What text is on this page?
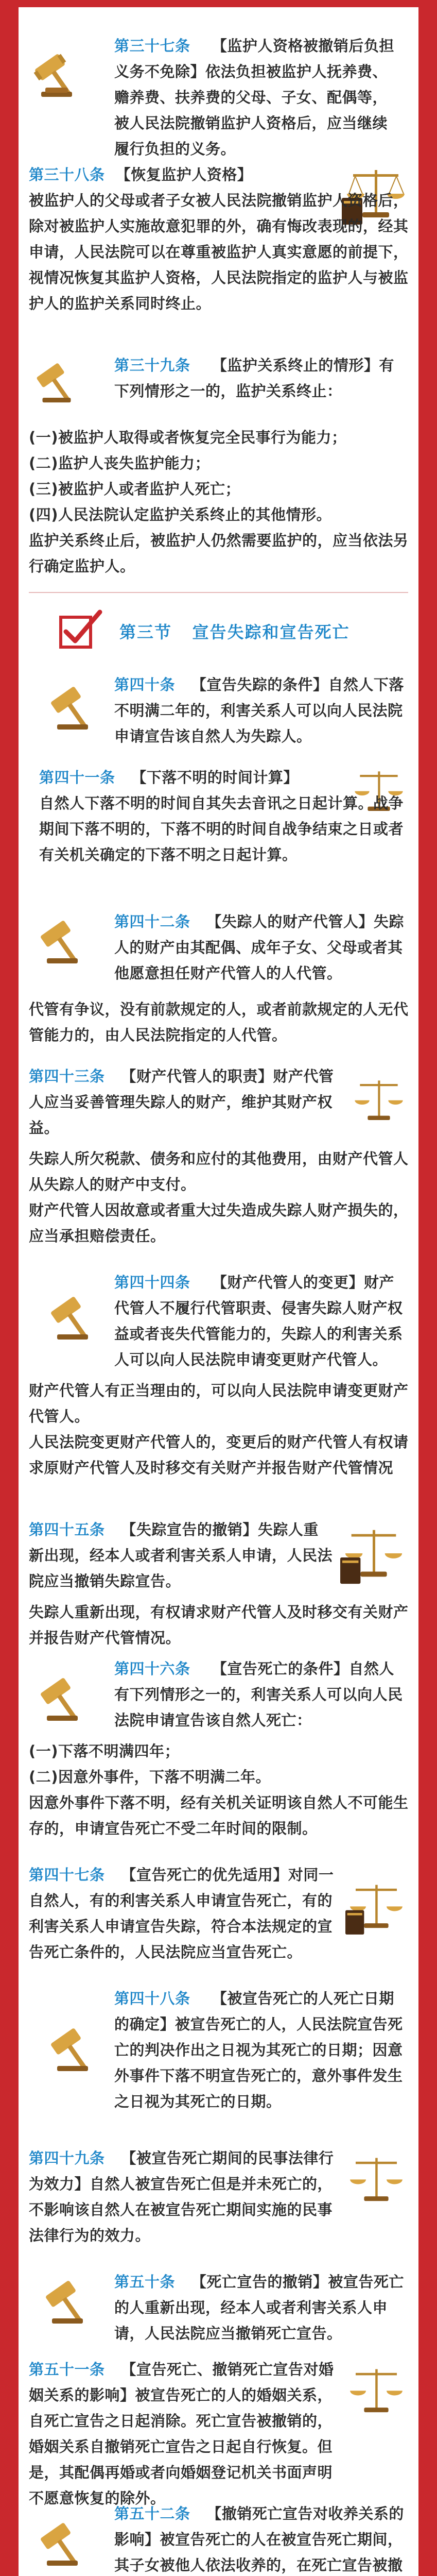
第三十七条 【监护人资格被撤销后负担义务不免除】依法负担被监护人抚养费、赡养费、扶养费的父母、子女、配偶等，被人民法院撤销监护人资格后，应当继续履行负担的义务。

第三十八条 【恢复监护人资格】

被监护人的父母或者子女被人民法院撤销监护人资格后，除对被监护人实施故意犯罪的外，确有悔改表现的，经其申请，人民法院可以在尊重被监护人真实意愿的前提下，视情况恢复其监护人资格，人民法院指定的监护人与被监护人的监护关系同时终止。

第三十九条 【监护关系终止的情形】有下列情形之一的，监护关系终止：

(一)被监护人取得或者恢复完全民事行为能力；

(二)监护人丧失监护能力；

(三)被监护人或者监护人死亡；

(四)人民法院认定监护关系终止的其他情形。

监护关系终止后，被监护人仍然需要监护的，应当依法另行确定监护人。

第三节 宣告失踪和宣告死亡

第四十条 【宣告失踪的条件】自然人下落不明满二年的，利害关系人可以向人民法院申请宣告该自然人为失踪人。

第四十一条 【下落不明的时间计算】

自然人下落不明的时间自其失去音讯之日起计算。战争期间下落不明的，下落不明的时间自战争结束之日或者有关机关确定的下落不明之日起计算。

第四十二条 【失踪人的财产代管人】失踪人的财产由其配偶、成年子女、父母或者其他愿意担任财产代管人的人代管。

代管有争议，没有前款规定的人，或者前款规定的人无代管能力的，由人民法院指定的人代管。

第四十三条 【财产代管人的职责】财产代管人应当妥善管理失踪人的财产，维护其财产权益。

失踪人所欠税款、债务和应付的其他费用，由财产代管人从失踪人的财产中支付。

财产代管人因故意或者重大过失造成失踪人财产损失的，应当承担赔偿责任。

第四十四条 【财产代管人的变更】财产代管人不履行代管职责、侵害失踪人财产权益或者丧失代管能力的，失踪人的利害关系人可以向人民法院申请变更财产代管人。

财产代管人有正当理由的，可以向人民法院申请变更财产代管人。

人民法院变更财产代管人的，变更后的财产代管人有权请求原财产代管人及时移交有关财产并报告财产代管情况

第四十五条 【失踪宣告的撤销】失踪人重新出现，经本人或者利害关系人申请，人民法院应当撤销失踪宣告。

失踪人重新出现，有权请求财产代管人及时移交有关财产并报告财产代管情况。

第四十六条 【宣告死亡的条件】自然人有下列情形之一的，利害关系人可以向人民法院申请宣告该自然人死亡：

(一)下落不明满四年；

(二)因意外事件，下落不明满二年。

因意外事件下落不明，经有关机关证明该自然人不可能生存的，申请宣告死亡不受二年时间的限制。

第四十七条 【宣告死亡的优先适用】对同一自然人，有的利害关系人申请宣告死亡，有的利害关系人申请宣告失踪，符合本法规定的宣告死亡条件的，人民法院应当宣告死亡。

第四十八条 【被宣告死亡的人死亡日期的确定】被宣告死亡的人，人民法院宣告死亡的判决作出之日视为其死亡的日期；因意外事件下落不明宣告死亡的，意外事件发生之日视为其死亡的日期。

第四十九条 【被宣告死亡期间的民事法律行为效力】自然人被宣告死亡但是并未死亡的，不影响该自然人在被宣告死亡期间实施的民事法律行为的效力。

第五十条 【死亡宣告的撤销】被宣告死亡的人重新出现，经本人或者利害关系人申请，人民法院应当撤销死亡宣告。

第五十一条 【宣告死亡、撤销死亡宣告对婚姻关系的影响】被宣告死亡的人的婚姻关系，自死亡宣告之日起消除。死亡宣告被撤销的，婚姻关系自撤销死亡宣告之日起自行恢复。但是，其配偶再婚或者向婚姻登记机关书面声明不愿意恢复的除外。

第五十二条 【撤销死亡宣告对收养关系的影响】被宣告死亡的人在被宣告死亡期间，其子女被他人依法收养的，在死亡宣告被撤
